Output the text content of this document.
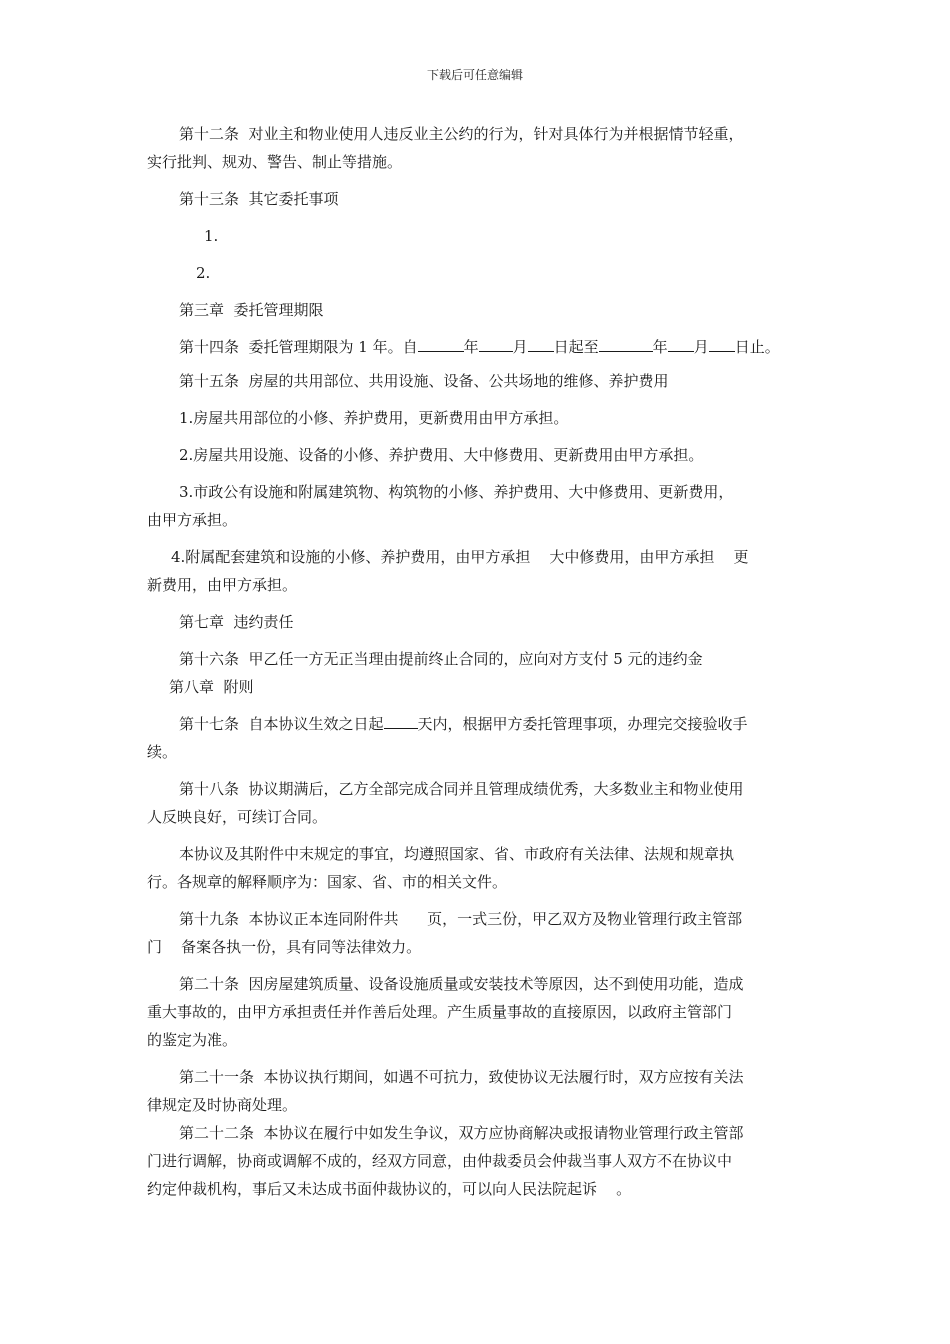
下载后可任意编辑

第十二条  对业主和物业使用人违反业主公约的行为，针对具体行为并根据情节轻重，

实行批判、规劝、警告、制止等措施。

第十三条  其它委托事项

1.

2.

第三章  委托管理期限

第十四条  委托管理期限为 1 年。自	年 月 日起至	年 月 日止。

第十五条  房屋的共用部位、共用设施、设备、公共场地的维修、养护费用

1.房屋共用部位的小修、养护费用，更新费用由甲方承担。

2.房屋共用设施、设备的小修、养护费用、大中修费用、更新费用由甲方承担。

3.市政公有设施和附属建筑物、构筑物的小修、养护费用、大中修费用、更新费用，

由甲方承担。

4.附属配套建筑和设施的小修、养护费用，由甲方承担    大中修费用，由甲方承担    更

新费用，由甲方承担。

第七章  违约责任

第十六条  甲乙任一方无正当理由提前终止合同的，应向对方支付 5 元的违约金

第八章  附则

第十七条  自本协议生效之日起 天内，根据甲方委托管理事项，办理完交接验收手

续。

第十八条  协议期满后，乙方全部完成合同并且管理成绩优秀，大多数业主和物业使用

人反映良好，可续订合同。

本协议及其附件中末规定的事宜，均遵照国家、省、市政府有关法律、法规和规章执

行。各规章的解释顺序为：国家、省、市的相关文件。

第十九条  本协议正本连同附件共      页，一式三份，甲乙双方及物业管理行政主管部

门    备案各执一份，具有同等法律效力。

第二十条  因房屋建筑质量、设备设施质量或安装技术等原因，达不到使用功能，造成

重大事故的，由甲方承担责任并作善后处理。产生质量事故的直接原因，以政府主管部门

的鉴定为准。

第二十一条  本协议执行期间，如遇不可抗力，致使协议无法履行时，双方应按有关法

律规定及时协商处理。

第二十二条  本协议在履行中如发生争议，双方应协商解决或报请物业管理行政主管部

门进行调解，协商或调解不成的，经双方同意，由仲裁委员会仲裁当事人双方不在协议中

约定仲裁机构，事后又未达成书面仲裁协议的，可以向人民法院起诉    。
